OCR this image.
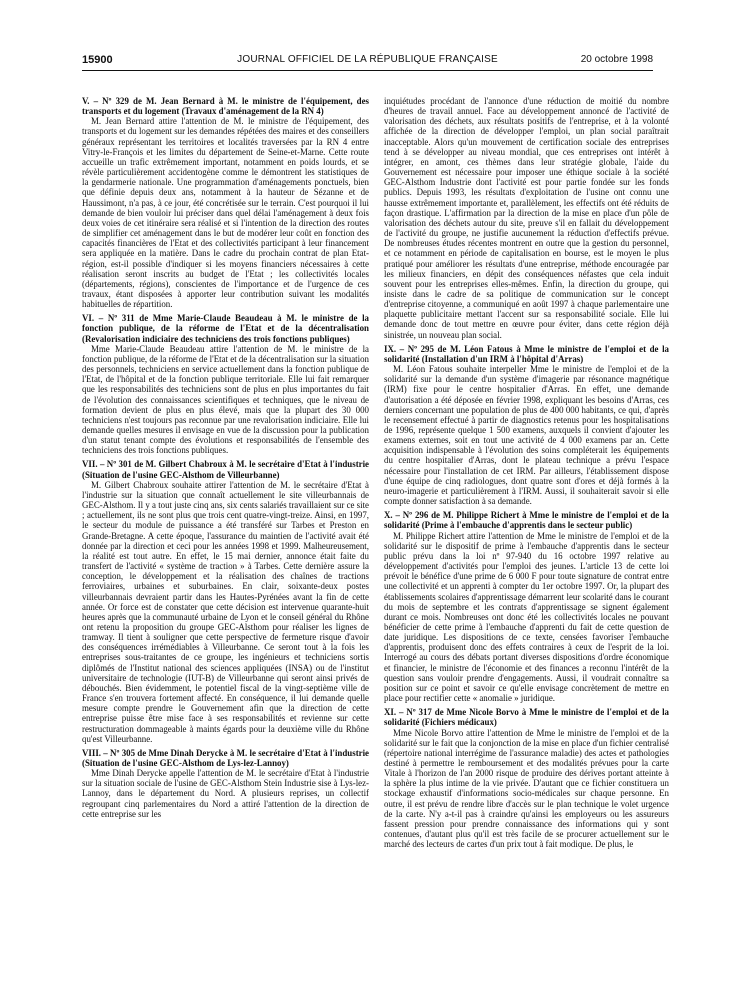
15900	JOURNAL OFFICIEL DE LA RÉPUBLIQUE FRANÇAISE	20 octobre 1998

V. – Nº 329 de M. Jean Bernard à M. le ministre de l'équipement, des transports et du logement (Travaux d'aménagement de la RN 4)

M. Jean Bernard attire l'attention de M. le ministre de l'équipement, des transports et du logement sur les demandes répétées des maires et des conseillers généraux représentant les territoires et localités traversées par la RN 4 entre Vitry-le-François et les limites du département de Seine-et-Marne. Cette route accueille un trafic extrêmement important, notamment en poids lourds, et se révèle particulièrement accidentogène comme le démontrent les statistiques de la gendarmerie nationale. Une programmation d'aménagements ponctuels, bien que définie depuis deux ans, notamment à la hauteur de Sézanne et de Haussimont, n'a pas, à ce jour, été concrétisée sur le terrain. C'est pourquoi il lui demande de bien vouloir lui préciser dans quel délai l'aménagement à deux fois deux voies de cet itinéraire sera réalisé et si l'intention de la direction des routes de simplifier cet aménagement dans le but de modérer leur coût en fonction des capacités financières de l'Etat et des collectivités participant à leur financement sera appliquée en la matière. Dans le cadre du prochain contrat de plan Etat-région, est-il possible d'indiquer si les moyens financiers nécessaires à cette réalisation seront inscrits au budget de l'Etat ; les collectivités locales (départements, régions), conscientes de l'importance et de l'urgence de ces travaux, étant disposées à apporter leur contribution suivant les modalités habituelles de répartition.

VI. – Nº 311 de Mme Marie-Claude Beaudeau à M. le ministre de la fonction publique, de la réforme de l'Etat et de la décentralisation (Revalorisation indiciaire des techniciens des trois fonctions publiques)

Mme Marie-Claude Beaudeau attire l'attention de M. le ministre de la fonction publique, de la réforme de l'Etat et de la décentralisation sur la situation des personnels, techniciens en service actuellement dans la fonction publique de l'Etat, de l'hôpital et de la fonction publique territoriale. Elle lui fait remarquer que les responsabilités des techniciens sont de plus en plus importantes du fait de l'évolution des connaissances scientifiques et techniques, que le niveau de formation devient de plus en plus élevé, mais que la plupart des 30 000 techniciens n'est toujours pas reconnue par une revalorisation indiciaire. Elle lui demande quelles mesures il envisage en vue de la discussion pour la publication d'un statut tenant compte des évolutions et responsabilités de l'ensemble des techniciens des trois fonctions publiques.

VII. – Nº 301 de M. Gilbert Chabroux à M. le secrétaire d'Etat à l'industrie (Situation de l'usine GEC-Alsthom de Villeurbanne)

M. Gilbert Chabroux souhaite attirer l'attention de M. le secrétaire d'Etat à l'industrie sur la situation que connaît actuellement le site villeurbannais de GEC-Alsthom. Il y a tout juste cinq ans, six cents salariés travaillaient sur ce site ; actuellement, ils ne sont plus que trois cent quatre-vingt-treize. Ainsi, en 1997, le secteur du module de puissance a été transféré sur Tarbes et Preston en Grande-Bretagne. A cette époque, l'assurance du maintien de l'activité avait été donnée par la direction et ceci pour les années 1998 et 1999. Malheureusement, la réalité est tout autre. En effet, le 15 mai dernier, annonce était faite du transfert de l'activité « système de traction » à Tarbes. Cette dernière assure la conception, le développement et la réalisation des chaînes de tractions ferroviaires, urbaines et suburbaines. En clair, soixante-deux postes villeurbannais devraient partir dans les Hautes-Pyrénées avant la fin de cette année. Or force est de constater que cette décision est intervenue quarante-huit heures après que la communauté urbaine de Lyon et le conseil général du Rhône ont retenu la proposition du groupe GEC-Alsthom pour réaliser les lignes de tramway. Il tient à souligner que cette perspective de fermeture risque d'avoir des conséquences irrémédiables à Villeurbanne. Ce seront tout à la fois les entreprises sous-traitantes de ce groupe, les ingénieurs et techniciens sortis diplômés de l'Institut national des sciences appliquées (INSA) ou de l'institut universitaire de technologie (IUT-B) de Villeurbanne qui seront ainsi privés de débouchés. Bien évidemment, le potentiel fiscal de la vingt-septième ville de France s'en trouvera fortement affecté. En conséquence, il lui demande quelle mesure compte prendre le Gouvernement afin que la direction de cette entreprise puisse être mise face à ses responsabilités et revienne sur cette restructuration dommageable à maints égards pour la deuxième ville du Rhône qu'est Villeurbanne.

VIII. – Nº 305 de Mme Dinah Derycke à M. le secrétaire d'Etat à l'industrie (Situation de l'usine GEC-Alsthom de Lys-lez-Lannoy)

Mme Dinah Derycke appelle l'attention de M. le secrétaire d'Etat à l'industrie sur la situation sociale de l'usine de GEC-Alsthom Stein Industrie sise à Lys-lez-Lannoy, dans le département du Nord. A plusieurs reprises, un collectif regroupant cinq parlementaires du Nord a attiré l'attention de la direction de cette entreprise sur les

inquiétudes procédant de l'annonce d'une réduction de moitié du nombre d'heures de travail annuel. Face au développement annoncé de l'activité de valorisation des déchets, aux résultats positifs de l'entreprise, et à la volonté affichée de la direction de développer l'emploi, un plan social paraîtrait inacceptable. Alors qu'un mouvement de certification sociale des entreprises tend à se développer au niveau mondial, que ces entreprises ont intérêt à intégrer, en amont, ces thèmes dans leur stratégie globale, l'aide du Gouvernement est nécessaire pour imposer une éthique sociale à la société GEC-Alsthom Industrie dont l'activité est pour partie fondée sur les fonds publics. Depuis 1993, les résultats d'exploitation de l'usine ont connu une hausse extrêmement importante et, parallèlement, les effectifs ont été réduits de façon drastique. L'affirmation par la direction de la mise en place d'un pôle de valorisation des déchets autour du site, preuve s'il en fallait du développement de l'activité du groupe, ne justifie aucunement la réduction d'effectifs prévue. De nombreuses études récentes montrent en outre que la gestion du personnel, et ce notamment en période de capitalisation en bourse, est le moyen le plus pratiqué pour améliorer les résultats d'une entreprise, méthode encouragée par les milieux financiers, en dépit des conséquences néfastes que cela induit souvent pour les entreprises elles-mêmes. Enfin, la direction du groupe, qui insiste dans le cadre de sa politique de communication sur le concept d'entreprise citoyenne, a communiqué en août 1997 à chaque parlementaire une plaquette publicitaire mettant l'accent sur sa responsabilité sociale. Elle lui demande donc de tout mettre en œuvre pour éviter, dans cette région déjà sinistrée, un nouveau plan social.

IX. – Nº 295 de M. Léon Fatous à Mme le ministre de l'emploi et de la solidarité (Installation d'un IRM à l'hôpital d'Arras)

M. Léon Fatous souhaite interpeller Mme le ministre de l'emploi et de la solidarité sur la demande d'un système d'imagerie par résonance magnétique (IRM) fixe pour le centre hospitalier d'Arras. En effet, une demande d'autorisation a été déposée en février 1998, expliquant les besoins d'Arras, ces derniers concernant une population de plus de 400 000 habitants, ce qui, d'après le recensement effectué à partir de diagnostics retenus pour les hospitalisations de 1996, représente quelque 1 500 examens, auxquels il convient d'ajouter les examens externes, soit en tout une activité de 4 000 examens par an. Cette acquisition indispensable à l'évolution des soins compléterait les équipements du centre hospitalier d'Arras, dont le plateau technique a prévu l'espace nécessaire pour l'installation de cet IRM. Par ailleurs, l'établissement dispose d'une équipe de cinq radiologues, dont quatre sont d'ores et déjà formés à la neuro-imagerie et particulièrement à l'IRM. Aussi, il souhaiterait savoir si elle compte donner satisfaction à sa demande.

X. – Nº 296 de M. Philippe Richert à Mme le ministre de l'emploi et de la solidarité (Prime à l'embauche d'apprentis dans le secteur public)

M. Philippe Richert attire l'attention de Mme le ministre de l'emploi et de la solidarité sur le dispositif de prime à l'embauche d'apprentis dans le secteur public prévu dans la loi nº 97-940 du 16 octobre 1997 relative au développement d'activités pour l'emploi des jeunes. L'article 13 de cette loi prévoit le bénéfice d'une prime de 6 000 F pour toute signature de contrat entre une collectivité et un apprenti à compter du 1er octobre 1997. Or, la plupart des établissements scolaires d'apprentissage démarrent leur scolarité dans le courant du mois de septembre et les contrats d'apprentissage se signent également durant ce mois. Nombreuses ont donc été les collectivités locales ne pouvant bénéficier de cette prime à l'embauche d'apprenti du fait de cette question de date juridique. Les dispositions de ce texte, censées favoriser l'embauche d'apprentis, produisent donc des effets contraires à ceux de l'esprit de la loi. Interrogé au cours des débats portant diverses dispositions d'ordre économique et financier, le ministre de l'économie et des finances a reconnu l'intérêt de la question sans vouloir prendre d'engagements. Aussi, il voudrait connaître sa position sur ce point et savoir ce qu'elle envisage concrètement de mettre en place pour rectifier cette « anomalie » juridique.

XI. – Nº 317 de Mme Nicole Borvo à Mme le ministre de l'emploi et de la solidarité (Fichiers médicaux)

Mme Nicole Borvo attire l'attention de Mme le ministre de l'emploi et de la solidarité sur le fait que la conjonction de la mise en place d'un fichier centralisé (répertoire national interrégime de l'assurance maladie) des actes et pathologies destiné à permettre le remboursement et des modalités prévues pour la carte Vitale à l'horizon de l'an 2000 risque de produire des dérives portant atteinte à la sphère la plus intime de la vie privée. D'autant que ce fichier constituera un stockage exhaustif d'informations socio-médicales sur chaque personne. En outre, il est prévu de rendre libre d'accès sur le plan technique le volet urgence de la carte. N'y a-t-il pas à craindre qu'ainsi les employeurs ou les assureurs fassent pression pour prendre connaissance des informations qui y sont contenues, d'autant plus qu'il est très facile de se procurer actuellement sur le marché des lecteurs de cartes d'un prix tout à fait modique. De plus, le
